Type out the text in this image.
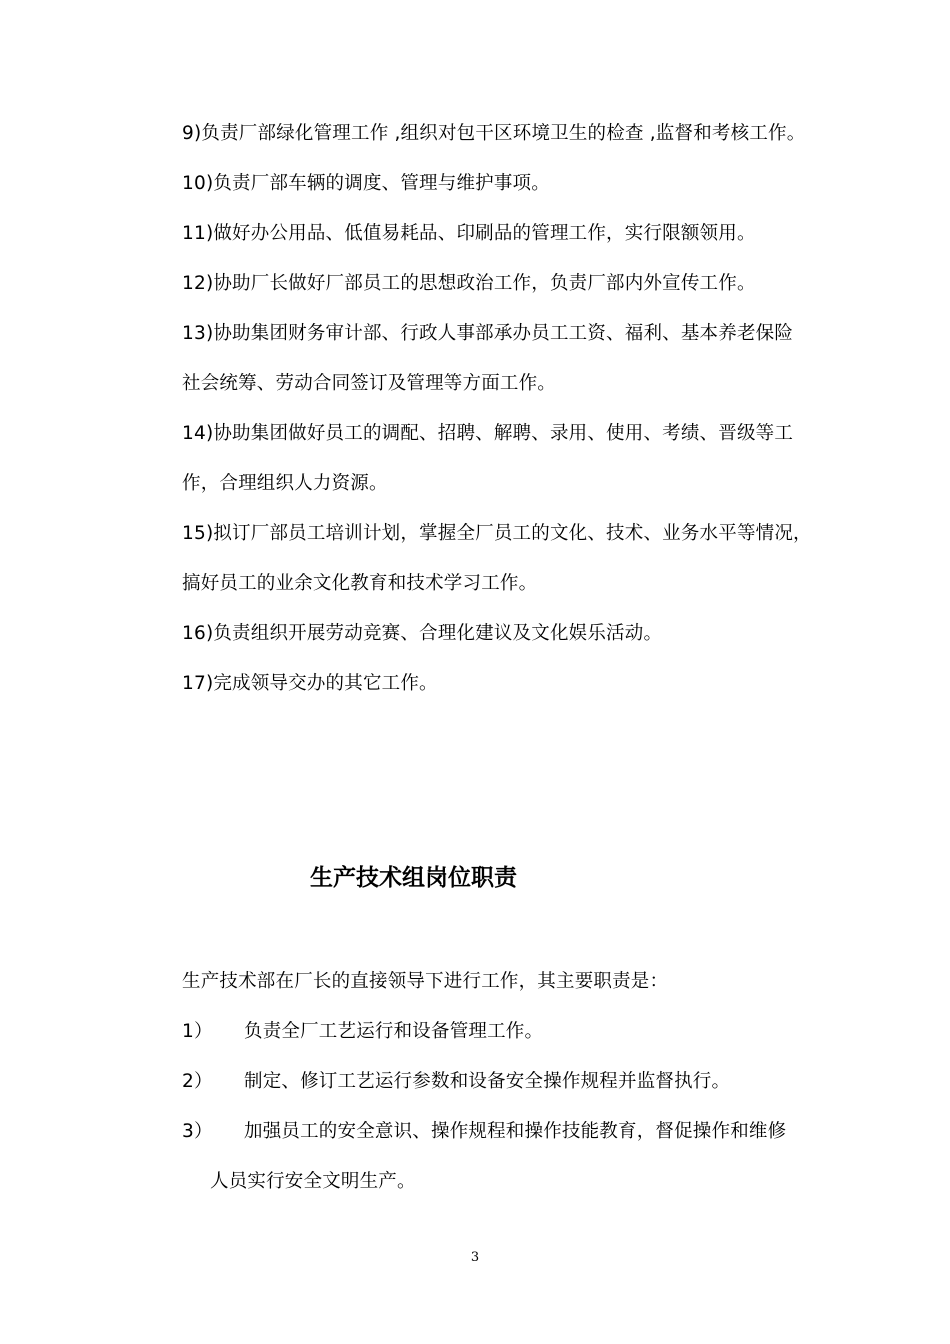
9)负责厂部绿化管理工作 ,组织对包干区环境卫生的检查 ,监督和考核工作。
10)负责厂部车辆的调度、管理与维护事项。
11)做好办公用品、低值易耗品、印刷品的管理工作，实行限额领用。
12)协助厂长做好厂部员工的思想政治工作，负责厂部内外宣传工作。
13)协助集团财务审计部、行政人事部承办员工工资、福利、基本养老保险
社会统筹、劳动合同签订及管理等方面工作。
14)协助集团做好员工的调配、招聘、解聘、录用、使用、考绩、晋级等工
作，合理组织人力资源。
15)拟订厂部员工培训计划，掌握全厂员工的文化、技术、业务水平等情况，
搞好员工的业余文化教育和技术学习工作。
16)负责组织开展劳动竞赛、合理化建议及文化娱乐活动。
17)完成领导交办的其它工作。
生产技术组岗位职责
生产技术部在厂长的直接领导下进行工作，其主要职责是：
1） 负责全厂工艺运行和设备管理工作。
2） 制定、修订工艺运行参数和设备安全操作规程并监督执行。
3） 加强员工的安全意识、操作规程和操作技能教育，督促操作和维修
人员实行安全文明生产。
3
